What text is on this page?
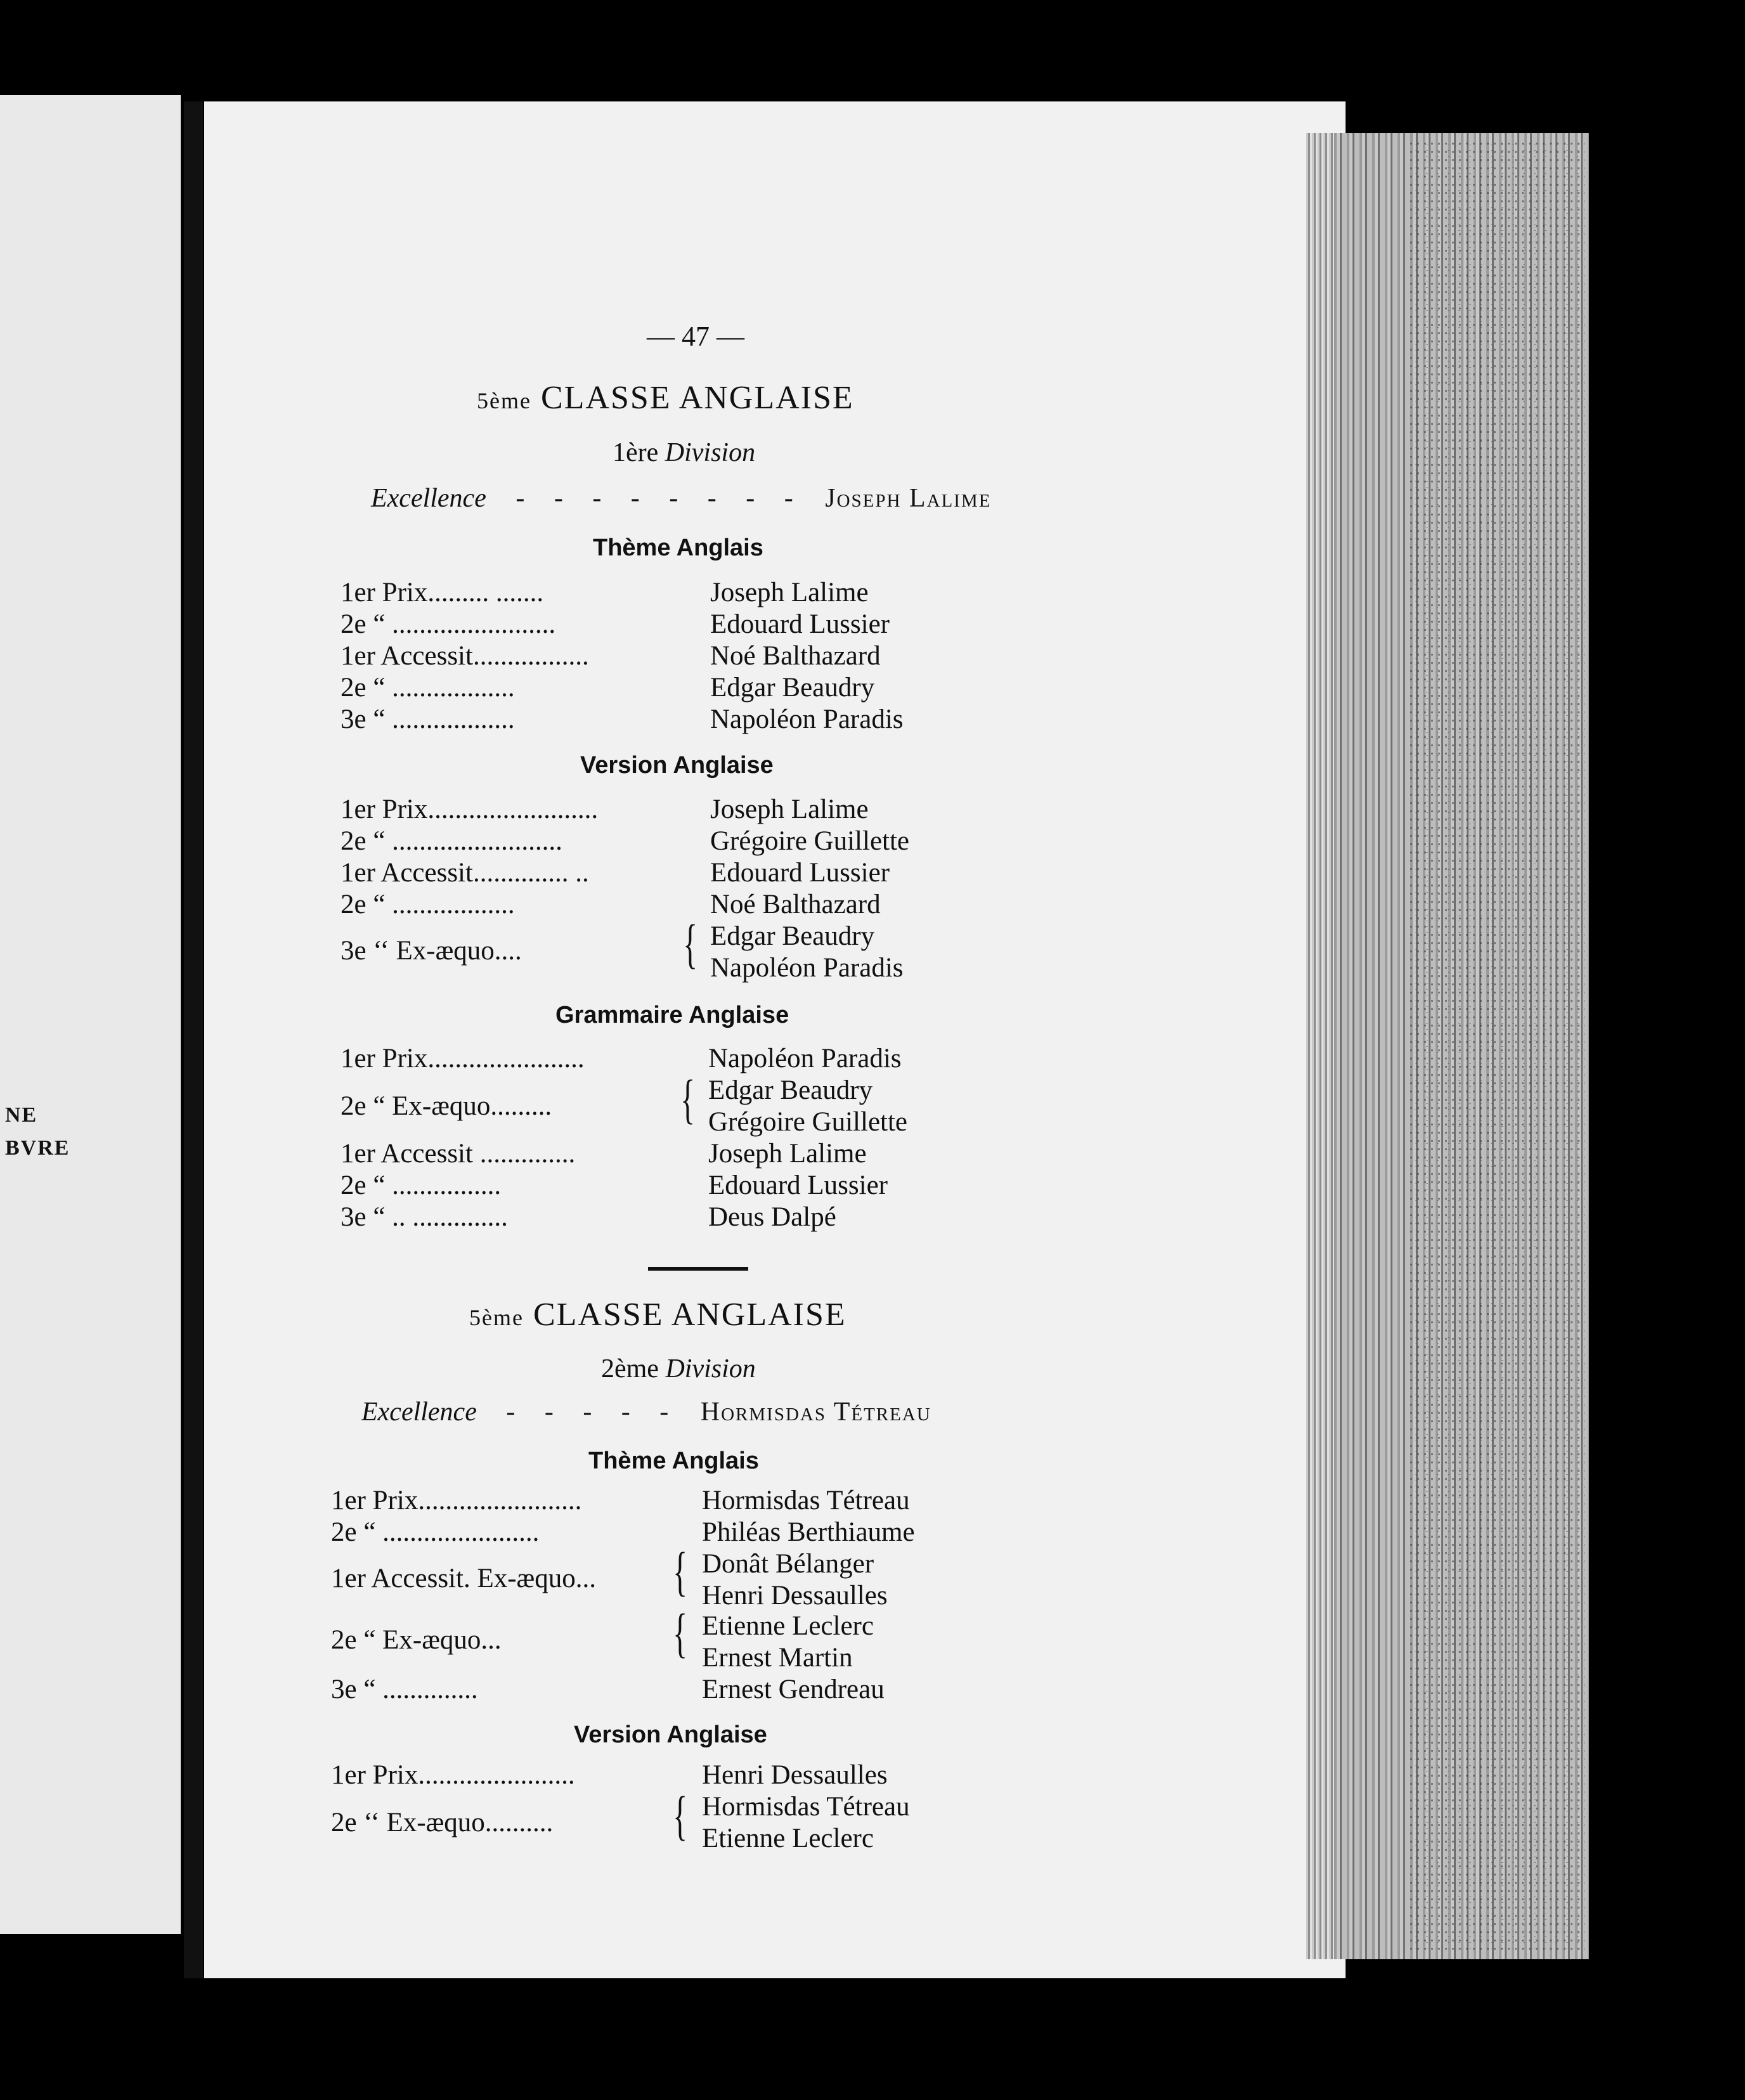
NE
BVRE
— 47 —
5ème CLASSE ANGLAISE
1ère Division
Excellence - - - - - - - - Joseph Lalime
Thème Anglais
1er Prix......... .......	Joseph Lalime
2e “ ........................	Edouard Lussier
1er Accessit.................	Noé Balthazard
2e “ ..................	Edgar Beaudry
3e “ ..................	Napoléon Paradis
Version Anglaise
1er Prix.........................	Joseph Lalime
2e “ .........................	Grégoire Guillette
1er Accessit.............. ..	Edouard Lussier
2e “ ..................	Noé Balthazard
3e ‘‘ Ex-æquo....	{ Edgar Beaudry
Napoléon Paradis
Grammaire Anglaise
1er Prix.......................	Napoléon Paradis
2e “ Ex-æquo......... { Edgar Beaudry
Grégoire Guillette
1er Accessit ..............	Joseph Lalime
2e “ ................	Edouard Lussier
3e “ .. ..............	Deus Dalpé
5ème CLASSE ANGLAISE
2ème Division
Excellence - - - - - Hormisdas Tétreau
Thème Anglais
1er Prix........................	Hormisdas Tétreau
2e “ .......................	Philéas Berthiaume
1er Accessit. Ex-æquo... { Donât Bélanger
Henri Dessaulles
2e “ Ex-æquo...	{ Etienne Leclerc
Ernest Martin
3e “ ..............	Ernest Gendreau
Version Anglaise
1er Prix.......................	Henri Dessaulles
2e ‘‘ Ex-æquo.......... { Hormisdas Tétreau
Etienne Leclerc
